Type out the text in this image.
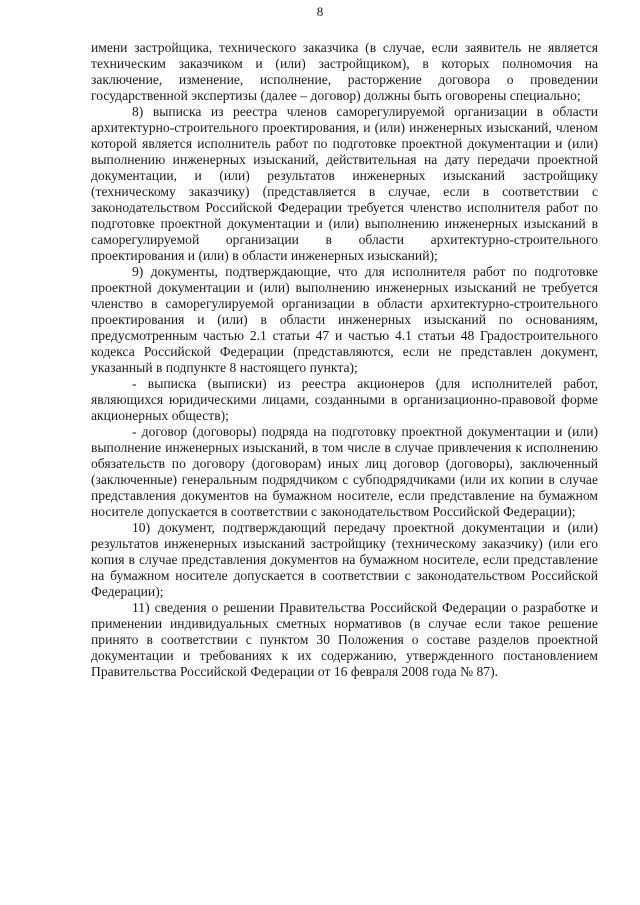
8

имени застройщика, технического заказчика (в случае, если заявитель не является техническим заказчиком и (или) застройщиком), в которых полномочия на заключение, изменение, исполнение, расторжение договора о проведении государственной экспертизы (далее – договор) должны быть оговорены специально;

8) выписка из реестра членов саморегулируемой организации в области архитектурно-строительного проектирования, и (или) инженерных изысканий, членом которой является исполнитель работ по подготовке проектной документации и (или) выполнению инженерных изысканий, действительная на дату передачи проектной документации, и (или) результатов инженерных изысканий застройщику (техническому заказчику) (представляется в случае, если в соответствии с законодательством Российской Федерации требуется членство исполнителя работ по подготовке проектной документации и (или) выполнению инженерных изысканий в саморегулируемой организации в области архитектурно-строительного проектирования и (или) в области инженерных изысканий);

9) документы, подтверждающие, что для исполнителя работ по подготовке проектной документации и (или) выполнению инженерных изысканий не требуется членство в саморегулируемой организации в области архитектурно-строительного проектирования и (или) в области инженерных изысканий по основаниям, предусмотренным частью 2.1 статьи 47 и частью 4.1 статьи 48 Градостроительного кодекса Российской Федерации (представляются, если не представлен документ, указанный в подпункте 8 настоящего пункта);

- выписка (выписки) из реестра акционеров (для исполнителей работ, являющихся юридическими лицами, созданными в организационно-правовой форме акционерных обществ);

- договор (договоры) подряда на подготовку проектной документации и (или) выполнение инженерных изысканий, в том числе в случае привлечения к исполнению обязательств по договору (договорам) иных лиц договор (договоры), заключенный (заключенные) генеральным подрядчиком с субподрядчиками (или их копии в случае представления документов на бумажном носителе, если представление на бумажном носителе допускается в соответствии с законодательством Российской Федерации);

10) документ, подтверждающий передачу проектной документации и (или) результатов инженерных изысканий застройщику (техническому заказчику) (или его копия в случае представления документов на бумажном носителе, если представление на бумажном носителе допускается в соответствии с законодательством Российской Федерации);

11) сведения о решении Правительства Российской Федерации о разработке и применении индивидуальных сметных нормативов (в случае если такое решение принято в соответствии с пунктом 30 Положения о составе разделов проектной документации и требованиях к их содержанию, утвержденного постановлением Правительства Российской Федерации от 16 февраля 2008 года № 87).
